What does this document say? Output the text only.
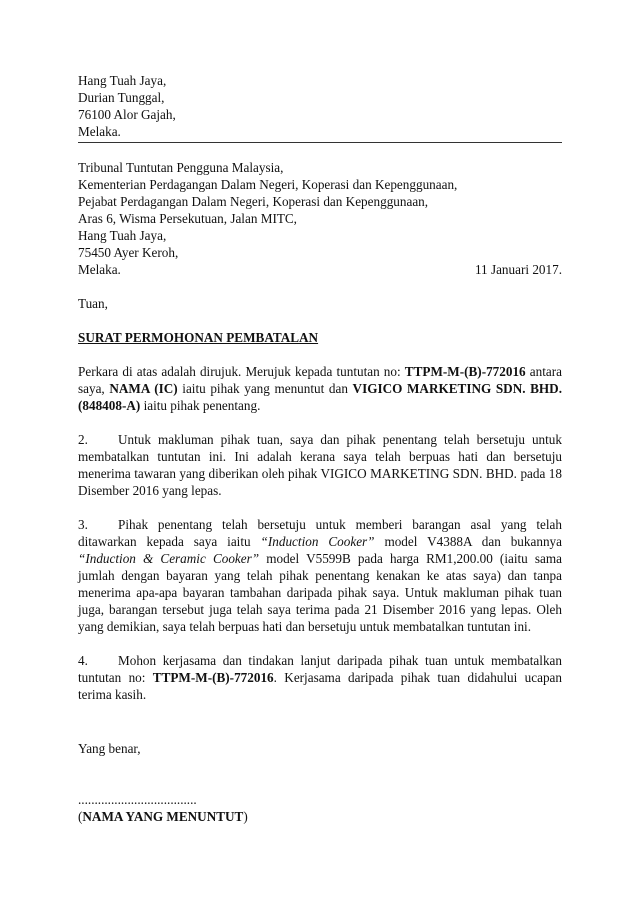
Hang Tuah Jaya,
Durian Tunggal,
76100 Alor Gajah,
Melaka.
Tribunal Tuntutan Pengguna Malaysia,
Kementerian Perdagangan Dalam Negeri, Koperasi dan Kepenggunaan,
Pejabat Perdagangan Dalam Negeri, Koperasi dan Kepenggunaan,
Aras 6, Wisma Persekutuan, Jalan MITC,
Hang Tuah Jaya,
75450 Ayer Keroh,
Melaka.	11 Januari 2017.
Tuan,
SURAT PERMOHONAN PEMBATALAN

Perkara di atas adalah dirujuk. Merujuk kepada tuntutan no: TTPM-M-(B)-772016 antara saya, NAMA (IC) iaitu pihak yang menuntut dan VIGICO MARKETING SDN. BHD. (848408-A) iaitu pihak penentang.

2. Untuk makluman pihak tuan, saya dan pihak penentang telah bersetuju untuk membatalkan tuntutan ini. Ini adalah kerana saya telah berpuas hati dan bersetuju menerima tawaran yang diberikan oleh pihak VIGICO MARKETING SDN. BHD. pada 18 Disember 2016 yang lepas.

3. Pihak penentang telah bersetuju untuk memberi barangan asal yang telah ditawarkan kepada saya iaitu “Induction Cooker” model V4388A dan bukannya “Induction & Ceramic Cooker” model V5599B pada harga RM1,200.00 (iaitu sama jumlah dengan bayaran yang telah pihak penentang kenakan ke atas saya) dan tanpa menerima apa-apa bayaran tambahan daripada pihak saya. Untuk makluman pihak tuan juga, barangan tersebut juga telah saya terima pada 21 Disember 2016 yang lepas. Oleh yang demikian, saya telah berpuas hati dan bersetuju untuk membatalkan tuntutan ini.

4. Mohon kerjasama dan tindakan lanjut daripada pihak tuan untuk membatalkan tuntutan no: TTPM-M-(B)-772016. Kerjasama daripada pihak tuan didahului ucapan terima kasih.

Yang benar,
....................................
(NAMA YANG MENUNTUT)
